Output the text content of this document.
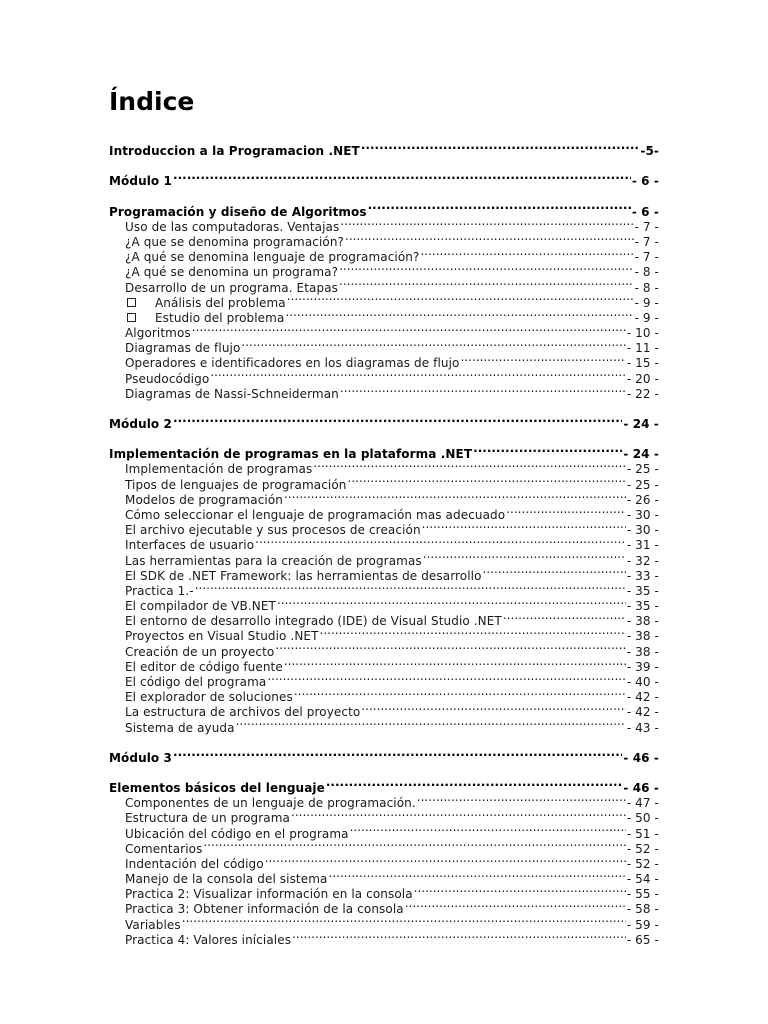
Índice
Introduccion a la Programacion .NET .....	-5-
Módulo 1 .....	- 6 -
Programación y diseño de Algoritmos .....	- 6 -
Uso de las computadoras. Ventajas .....	- 7 -
¿A que se denomina programación? .....	- 7 -
¿A qué se denomina lenguaje de programación? .....	- 7 -
¿A qué se denomina un programa? .....	- 8 -
Desarrollo de un programa. Etapas .....	- 8 -
Análisis del problema .....	- 9 -
Estudio del problema .....	- 9 -
Algoritmos .....	- 10 -
Diagramas de flujo .....	- 11 -
Operadores e identificadores en los diagramas de flujo .....	- 15 -
Pseudocódigo .....	- 20 -
Diagramas de Nassi-Schneiderman .....	- 22 -
Módulo 2 .....	- 24 -
Implementación de programas en la plataforma .NET .....	- 24 -
Implementación de programas .....	- 25 -
Tipos de lenguajes de programación .....	- 25 -
Modelos de programación .....	- 26 -
Cómo seleccionar el lenguaje de programación mas adecuado .....	- 30 -
El archivo ejecutable y sus procesos de creación .....	- 30 -
Interfaces de usuario .....	- 31 -
Las herramientas para la creación de programas .....	- 32 -
El SDK de .NET Framework: las herramientas de desarrollo .....	- 33 -
Practica 1.- .....	- 35 -
El compilador de VB.NET .....	- 35 -
El entorno de desarrollo integrado (IDE) de Visual Studio .NET .....	- 38 -
Proyectos en Visual Studio .NET .....	- 38 -
Creación de un proyecto .....	- 38 -
El editor de código fuente .....	- 39 -
El código del programa .....	- 40 -
El explorador de soluciones .....	- 42 -
La estructura de archivos del proyecto .....	- 42 -
Sistema de ayuda .....	- 43 -
Módulo 3 .....	- 46 -
Elementos básicos del lenguaje .....	- 46 -
Componentes de un lenguaje de programación. .....	- 47 -
Estructura de un programa .....	- 50 -
Ubicación del código en el programa .....	- 51 -
Comentarios .....	- 52 -
Indentación del código .....	- 52 -
Manejo de la consola del sistema .....	- 54 -
Practica 2: Visualizar información en la consola .....	- 55 -
Practica 3: Obtener información de la consola .....	- 58 -
Variables .....	- 59 -
Practica 4: Valores iníciales .....	- 65 -
